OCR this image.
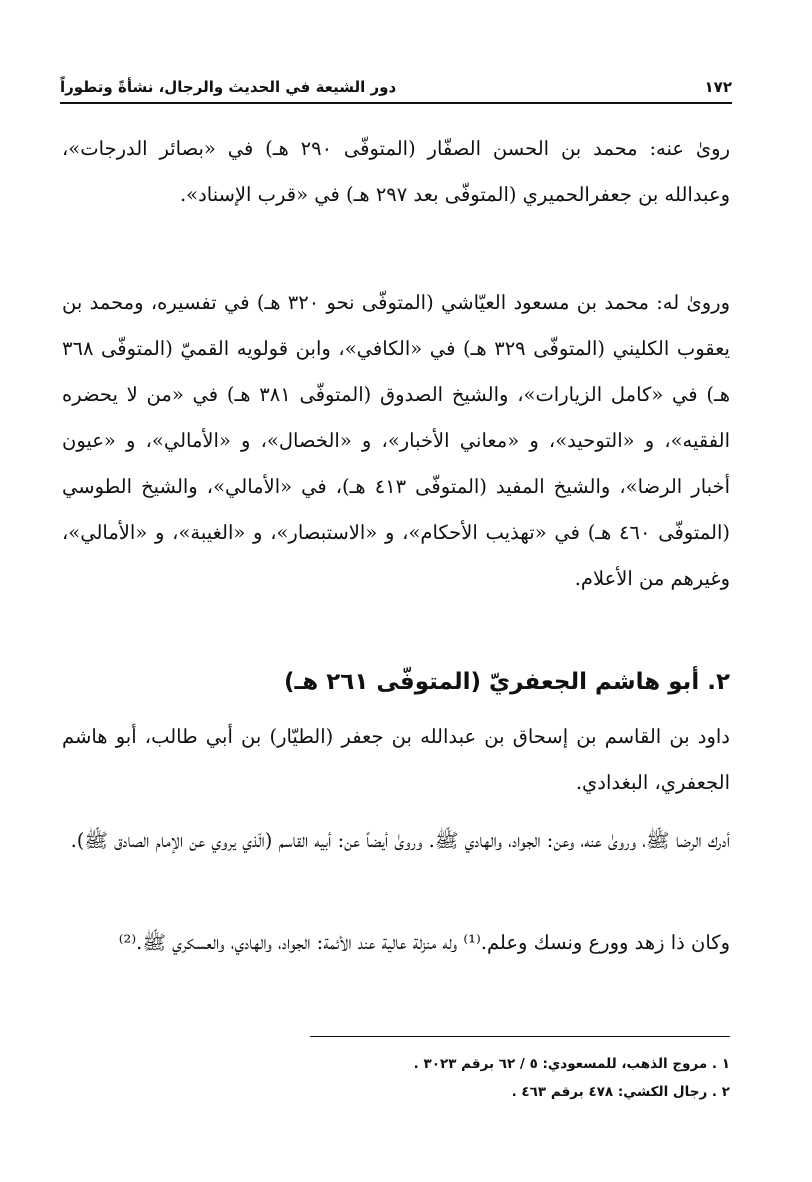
١٧٢
دور الشيعة في الحديث والرجال، نشأةً وتطوراً

رویٰ عنه: محمد بن الحسن الصفّار (المتوفّى ٢٩٠ هـ) في «بصائر الدرجات»، وعبدالله بن جعفرالحميري (المتوفّى بعد ٢٩٧ هـ) في «قرب الإسناد».

ورویٰ له: محمد بن مسعود العيّاشي (المتوفّى نحو ٣٢٠ هـ) في تفسيره، ومحمد بن يعقوب الكليني (المتوفّى ٣٢٩ هـ) في «الكافي»، وابن قولويه القميّ (المتوفّى ٣٦٨ هـ) في «كامل الزيارات»، والشيخ الصدوق (المتوفّى ٣٨١ هـ) في «من لا يحضره الفقيه»، و «التوحيد»، و «معاني الأخبار»، و «الخصال»، و «الأمالي»، و «عيون أخبار الرضا»، والشيخ المفيد (المتوفّى ٤١٣ هـ)، في «الأمالي»، والشيخ الطوسي (المتوفّى ٤٦٠ هـ) في «تهذيب الأحكام»، و «الاستبصار»، و «الغيبة»، و «الأمالي»، وغيرهم من الأعلام.

٢. أبو هاشم الجعفريّ (المتوفّى ٢٦١ هـ)

داود بن القاسم بن إسحاق بن عبدالله بن جعفر (الطيّار) بن أبي طالب، أبو هاشم الجعفري، البغدادي.

أدرك الرضا ﷺ، وروىٰ عنه، وعن: الجواد، والهادي ﷺ. وروىٰ أيضاً عن: أبيه القاسم (الّذي يروي عن الإمام الصادق ﷺ).

وكان ذا زهد وورع ونسك وعلم.⁽¹⁾ وله منزلة عالية عند الأئمة: الجواد، والهادي، والعسكري ﷺ.⁽²⁾

١ . مروج الذهب، للمسعودي: ٥ / ٦٢ برقم ٣٠٢٣ .
٢ . رجال الكشي: ٤٧٨ برقم ٤٦٣ .
